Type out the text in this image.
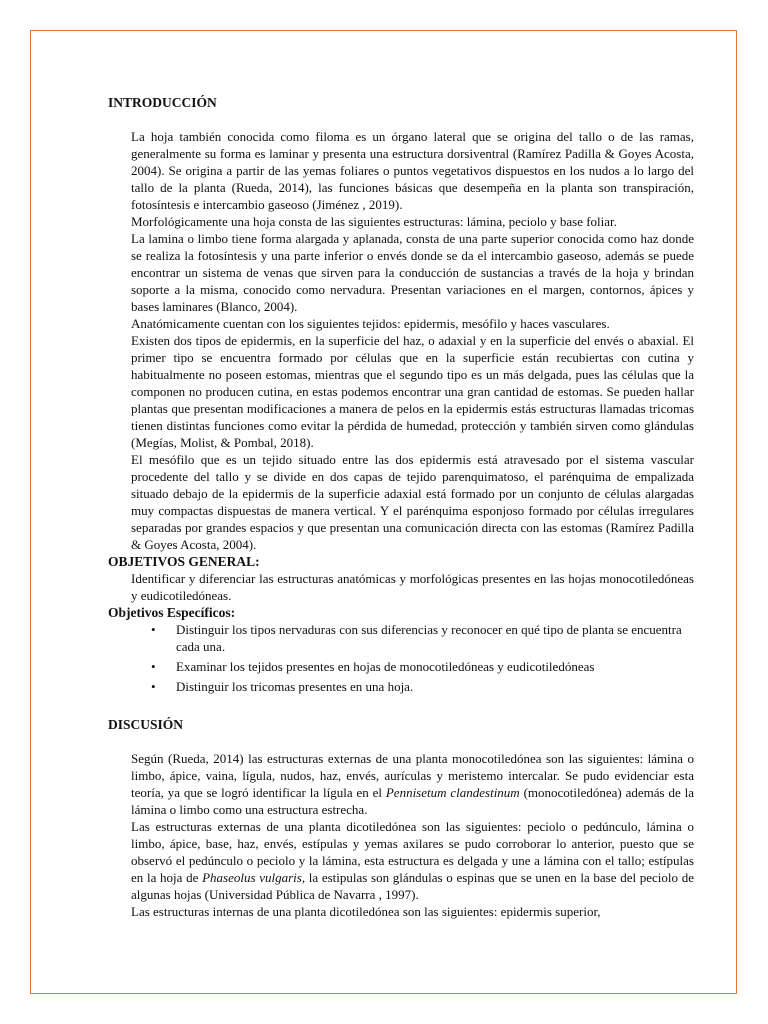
INTRODUCCIÓN

La hoja también conocida como filoma es un órgano lateral que se origina del tallo o de las ramas, generalmente su forma es laminar y presenta una estructura dorsiventral (Ramírez Padilla & Goyes Acosta, 2004). Se origina a partir de las yemas foliares o puntos vegetativos dispuestos en los nudos a lo largo del tallo de la planta (Rueda, 2014), las funciones básicas que desempeña en la planta son transpiración, fotosíntesis e intercambio gaseoso (Jiménez , 2019).

Morfológicamente una hoja consta de las siguientes estructuras: lámina, peciolo y base foliar.

La lamina o limbo tiene forma alargada y aplanada, consta de una parte superior conocida como haz donde se realiza la fotosíntesis y una parte inferior o envés donde se da el intercambio gaseoso, además se puede encontrar un sistema de venas que sirven para la conducción de sustancias a través de la hoja y brindan soporte a la misma, conocido como nervadura. Presentan variaciones en el margen, contornos, ápices y bases laminares (Blanco, 2004).

Anatómicamente cuentan con los siguientes tejidos: epidermis, mesófilo y haces vasculares.

Existen dos tipos de epidermis, en la superficie del haz, o adaxial y en la superficie del envés o abaxial. El primer tipo se encuentra formado por células que en la superficie están recubiertas con cutina y habitualmente no poseen estomas, mientras que el segundo tipo es un más delgada, pues las células que la componen no producen cutina, en estas podemos encontrar una gran cantidad de estomas. Se pueden hallar plantas que presentan modificaciones a manera de pelos en la epidermis estás estructuras llamadas tricomas tienen distintas funciones como evitar la pérdida de humedad, protección y también sirven como glándulas (Megías, Molist, & Pombal, 2018).

El mesófilo que es un tejido situado entre las dos epidermis está atravesado por el sistema vascular procedente del tallo y se divide en dos capas de tejido parenquimatoso, el parénquima de empalizada situado debajo de la epidermis de la superficie adaxial está formado por un conjunto de células alargadas muy compactas dispuestas de manera vertical. Y el parénquima esponjoso formado por células irregulares separadas por grandes espacios y que presentan una comunicación directa con las estomas (Ramírez Padilla & Goyes Acosta, 2004).

OBJETIVOS GENERAL:

Identificar y diferenciar las estructuras anatómicas y morfológicas presentes en las hojas monocotiledóneas y eudicotiledóneas.

Objetivos Específicos:
• Distinguir los tipos nervaduras con sus diferencias y reconocer en qué tipo de planta se encuentra cada una.
• Examinar los tejidos presentes en hojas de monocotiledóneas y eudicotiledóneas
• Distinguir los tricomas presentes en una hoja.
DISCUSIÓN

Según (Rueda, 2014) las estructuras externas de una planta monocotiledónea son las siguientes: lámina o limbo, ápice, vaina, lígula, nudos, haz, envés, aurículas y meristemo intercalar. Se pudo evidenciar esta teoría, ya que se logró identificar la lígula en el Pennisetum clandestinum (monocotiledónea) además de la lámina o limbo como una estructura estrecha.

Las estructuras externas de una planta dicotiledónea son las siguientes: peciolo o pedúnculo, lámina o limbo, ápice, base, haz, envés, estípulas y yemas axilares se pudo corroborar lo anterior, puesto que se observó el pedúnculo o peciolo y la lámina, esta estructura es delgada y une a lámina con el tallo; estípulas en la hoja de Phaseolus vulgaris, la estipulas son glándulas o espinas que se unen en la base del peciolo de algunas hojas (Universidad Pública de Navarra , 1997).

Las estructuras internas de una planta dicotiledónea son las siguientes: epidermis superior,
